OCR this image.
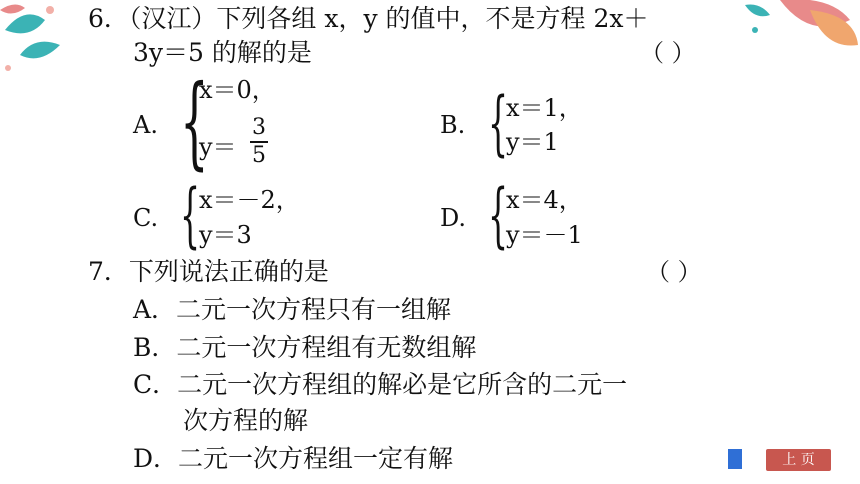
6．（汉江）下列各组 x，y 的值中，不是方程 2x＋
3y＝5 的解的是	（ ）
A. {
x＝0，
y＝
3
5
B. {
x＝1，
y＝1
C. {
x＝－2，
y＝3
D. {
x＝4，
y＝－1
7．下列说法正确的是	（ ）
A．二元一次方程只有一组解
B．二元一次方程组有无数组解
C．二元一次方程组的解必是它所含的二元一
次方程的解
D．二元一次方程组一定有解	上 页
